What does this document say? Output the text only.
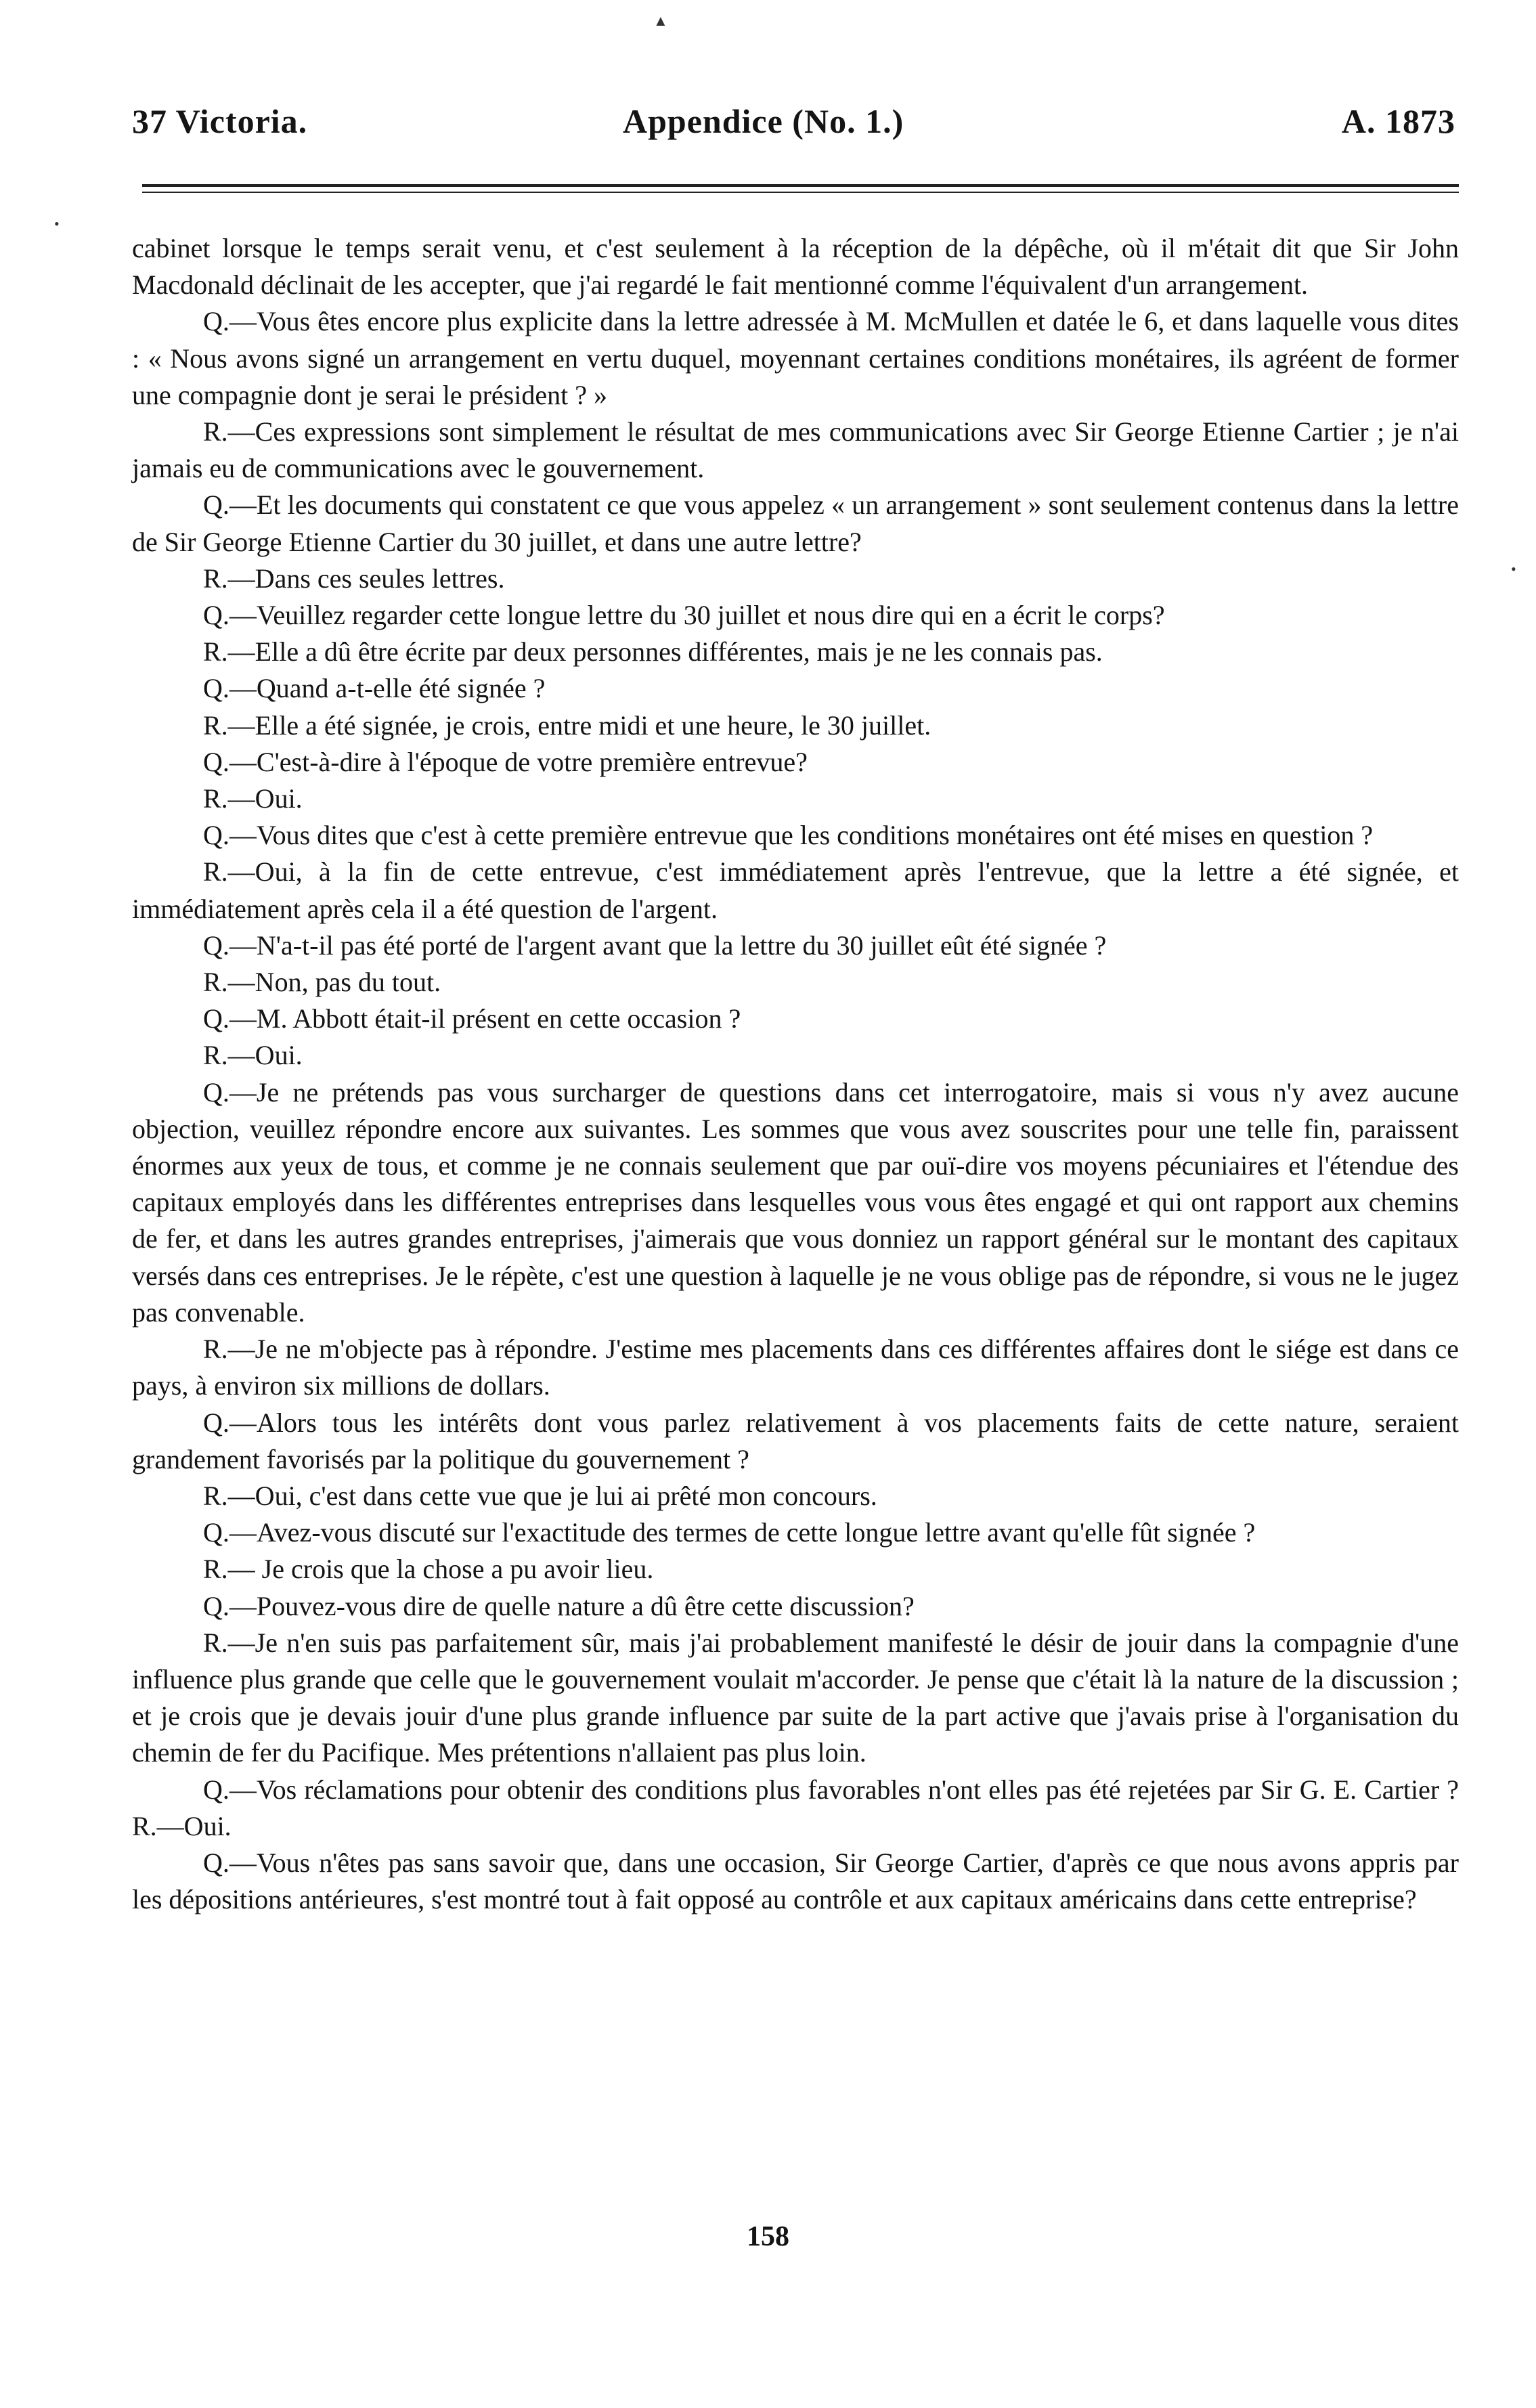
37 Victoria.	Appendice (No. 1.)	A. 1873

cabinet lorsque le temps serait venu, et c'est seulement à la réception de la dépêche, où il m'était dit que Sir John Macdonald déclinait de les accepter, que j'ai regardé le fait mentionné comme l'équivalent d'un arrangement.

Q.—Vous êtes encore plus explicite dans la lettre adressée à M. McMullen et datée le 6, et dans laquelle vous dites : « Nous avons signé un arrangement en vertu duquel, moyennant certaines conditions monétaires, ils agréent de former une compagnie dont je serai le président ? »

R.—Ces expressions sont simplement le résultat de mes communications avec Sir George Etienne Cartier ; je n'ai jamais eu de communications avec le gouvernement.

Q.—Et les documents qui constatent ce que vous appelez « un arrangement » sont seulement contenus dans la lettre de Sir George Etienne Cartier du 30 juillet, et dans une autre lettre?

R.—Dans ces seules lettres.

Q.—Veuillez regarder cette longue lettre du 30 juillet et nous dire qui en a écrit le corps?

R.—Elle a dû être écrite par deux personnes différentes, mais je ne les connais pas.

Q.—Quand a-t-elle été signée ?

R.—Elle a été signée, je crois, entre midi et une heure, le 30 juillet.

Q.—C'est-à-dire à l'époque de votre première entrevue?

R.—Oui.

Q.—Vous dites que c'est à cette première entrevue que les conditions monétaires ont été mises en question ?

R.—Oui, à la fin de cette entrevue, c'est immédiatement après l'entrevue, que la lettre a été signée, et immédiatement après cela il a été question de l'argent.

Q.—N'a-t-il pas été porté de l'argent avant que la lettre du 30 juillet eût été signée ?

R.—Non, pas du tout.

Q.—M. Abbott était-il présent en cette occasion ?

R.—Oui.

Q.—Je ne prétends pas vous surcharger de questions dans cet interrogatoire, mais si vous n'y avez aucune objection, veuillez répondre encore aux suivantes. Les sommes que vous avez souscrites pour une telle fin, paraissent énormes aux yeux de tous, et comme je ne connais seulement que par ouï-dire vos moyens pécuniaires et l'étendue des capitaux employés dans les différentes entreprises dans lesquelles vous vous êtes engagé et qui ont rapport aux chemins de fer, et dans les autres grandes entreprises, j'aimerais que vous donniez un rapport général sur le montant des capitaux versés dans ces entreprises. Je le répète, c'est une question à laquelle je ne vous oblige pas de répondre, si vous ne le jugez pas convenable.

R.—Je ne m'objecte pas à répondre. J'estime mes placements dans ces différentes affaires dont le siége est dans ce pays, à environ six millions de dollars.

Q.—Alors tous les intérêts dont vous parlez relativement à vos placements faits de cette nature, seraient grandement favorisés par la politique du gouvernement ?

R.—Oui, c'est dans cette vue que je lui ai prêté mon concours.

Q.—Avez-vous discuté sur l'exactitude des termes de cette longue lettre avant qu'elle fût signée ?

R.— Je crois que la chose a pu avoir lieu.

Q.—Pouvez-vous dire de quelle nature a dû être cette discussion?

R.—Je n'en suis pas parfaitement sûr, mais j'ai probablement manifesté le désir de jouir dans la compagnie d'une influence plus grande que celle que le gouvernement voulait m'accorder. Je pense que c'était là la nature de la discussion ; et je crois que je devais jouir d'une plus grande influence par suite de la part active que j'avais prise à l'organisation du chemin de fer du Pacifique. Mes prétentions n'allaient pas plus loin.

Q.—Vos réclamations pour obtenir des conditions plus favorables n'ont elles pas été rejetées par Sir G. E. Cartier ? R.—Oui.

Q.—Vous n'êtes pas sans savoir que, dans une occasion, Sir George Cartier, d'après ce que nous avons appris par les dépositions antérieures, s'est montré tout à fait opposé au contrôle et aux capitaux américains dans cette entreprise?

158
▲
•
•
